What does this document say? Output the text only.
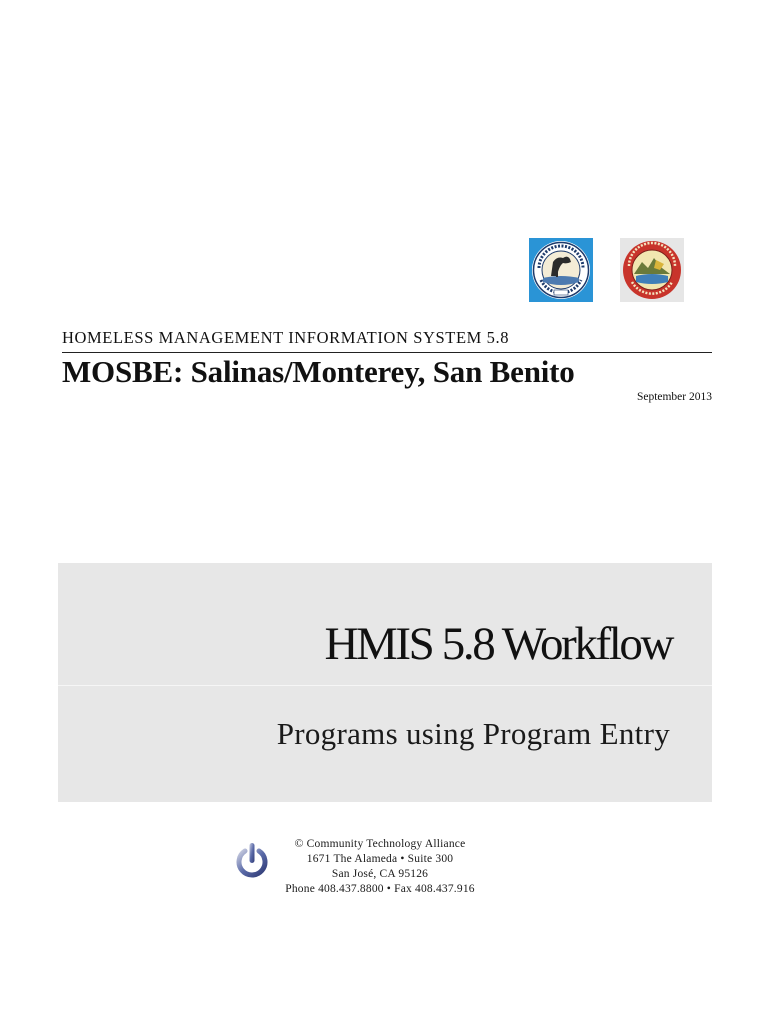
HOMELESS MANAGEMENT INFORMATION SYSTEM 5.8
MOSBE: Salinas/Monterey, San Benito
September 2013
HMIS 5.8 Workflow
Programs using Program Entry
© Community Technology Alliance
1671 The Alameda • Suite 300
San José, CA 95126
Phone 408.437.8800 • Fax 408.437.916
